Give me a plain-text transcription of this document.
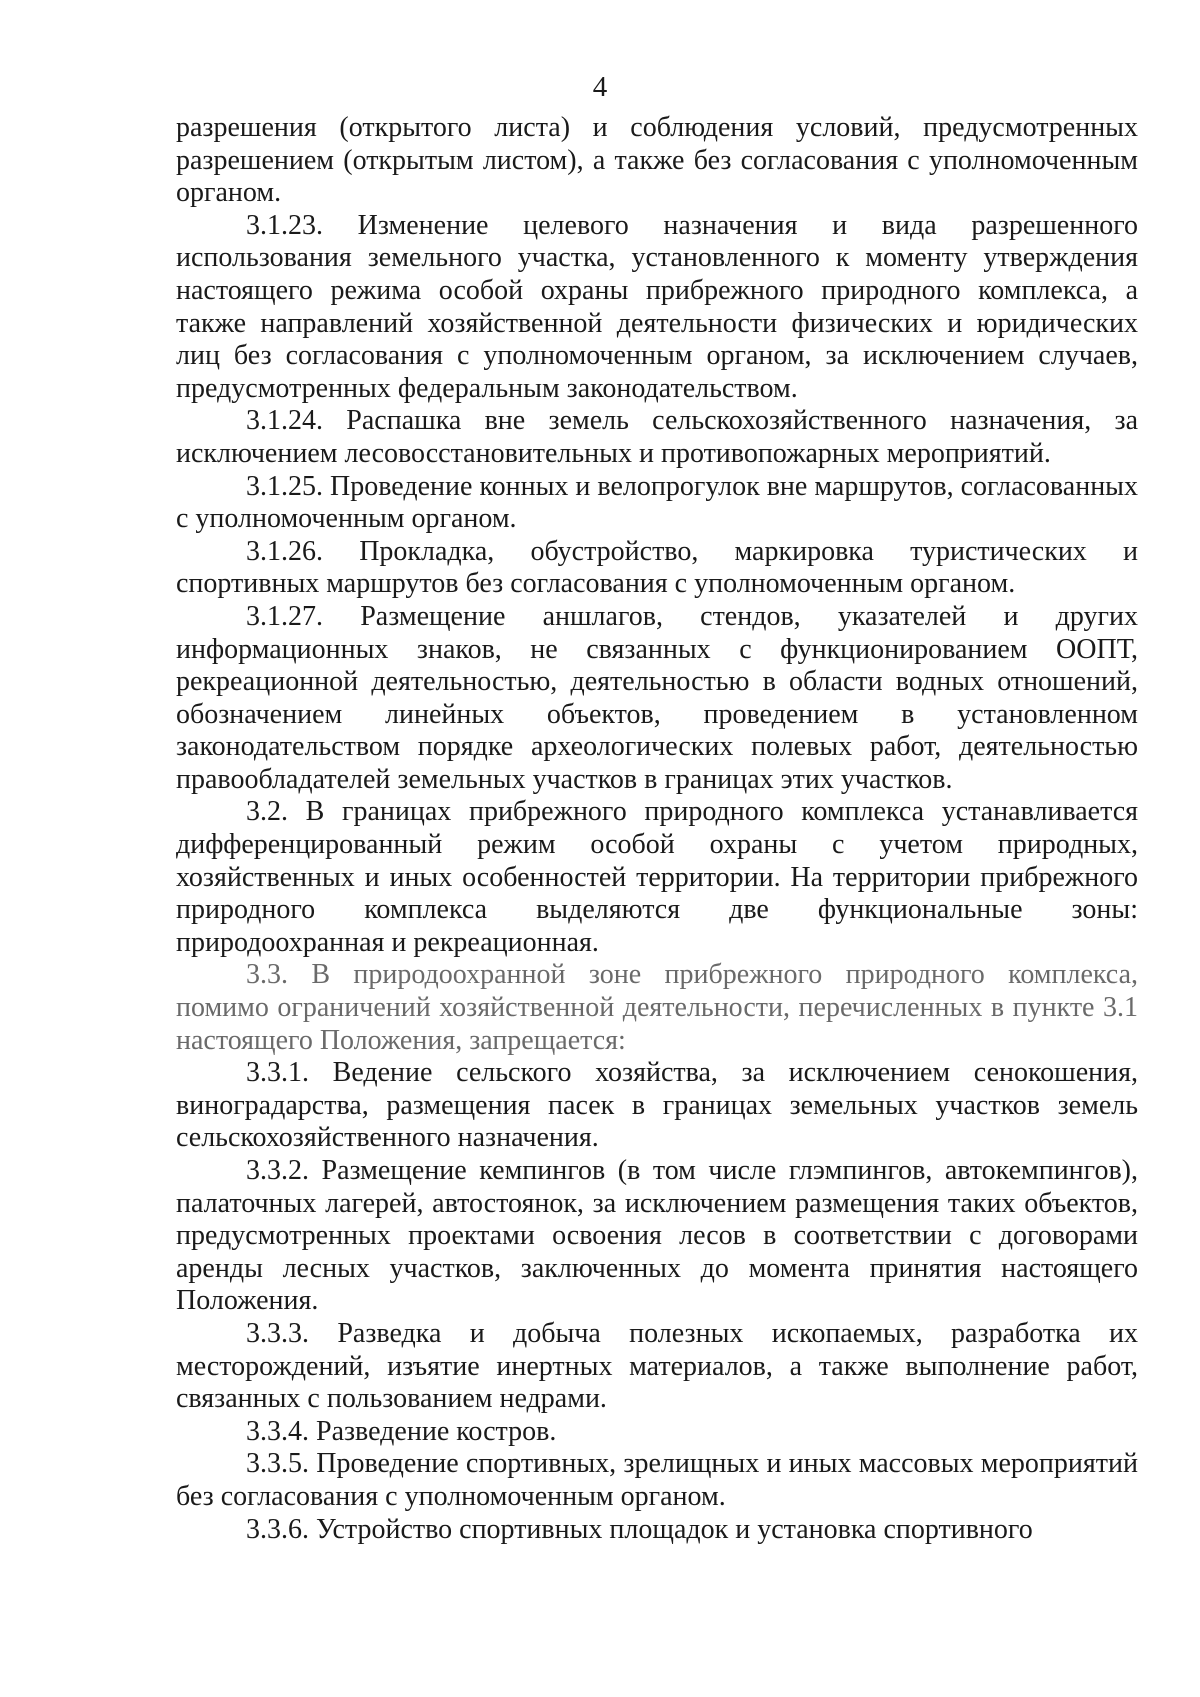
4

разрешения (открытого листа) и соблюдения условий, предусмотренных разрешением (открытым листом), а также без согласования с уполномоченным органом.

3.1.23. Изменение целевого назначения и вида разрешенного использования земельного участка, установленного к моменту утверждения настоящего режима особой охраны прибрежного природного комплекса, а также направлений хозяйственной деятельности физических и юридических лиц без согласования с уполномоченным органом, за исключением случаев, предусмотренных федеральным законодательством.

3.1.24. Распашка вне земель сельскохозяйственного назначения, за исключением лесовосстановительных и противопожарных мероприятий.

3.1.25. Проведение конных и велопрогулок вне маршрутов, согласованных с уполномоченным органом.

3.1.26. Прокладка, обустройство, маркировка туристических и спортивных маршрутов без согласования с уполномоченным органом.

3.1.27. Размещение аншлагов, стендов, указателей и других информационных знаков, не связанных с функционированием ООПТ, рекреационной деятельностью, деятельностью в области водных отношений, обозначением линейных объектов, проведением в установленном законодательством порядке археологических полевых работ, деятельностью правообладателей земельных участков в границах этих участков.

3.2. В границах прибрежного природного комплекса устанавливается дифференцированный режим особой охраны с учетом природных, хозяйственных и иных особенностей территории. На территории прибрежного природного комплекса выделяются две функциональные зоны: природоохранная и рекреационная.

3.3. В природоохранной зоне прибрежного природного комплекса, помимо ограничений хозяйственной деятельности, перечисленных в пункте 3.1 настоящего Положения, запрещается:

3.3.1. Ведение сельского хозяйства, за исключением сенокошения, виноградарства, размещения пасек в границах земельных участков земель сельскохозяйственного назначения.

3.3.2. Размещение кемпингов (в том числе глэмпингов, автокемпингов), палаточных лагерей, автостоянок, за исключением размещения таких объектов, предусмотренных проектами освоения лесов в соответствии с договорами аренды лесных участков, заключенных до момента принятия настоящего Положения.

3.3.3. Разведка и добыча полезных ископаемых, разработка их месторождений, изъятие инертных материалов, а также выполнение работ, связанных с пользованием недрами.

3.3.4. Разведение костров.

3.3.5. Проведение спортивных, зрелищных и иных массовых мероприятий без согласования с уполномоченным органом.

3.3.6. Устройство спортивных площадок и установка спортивного
